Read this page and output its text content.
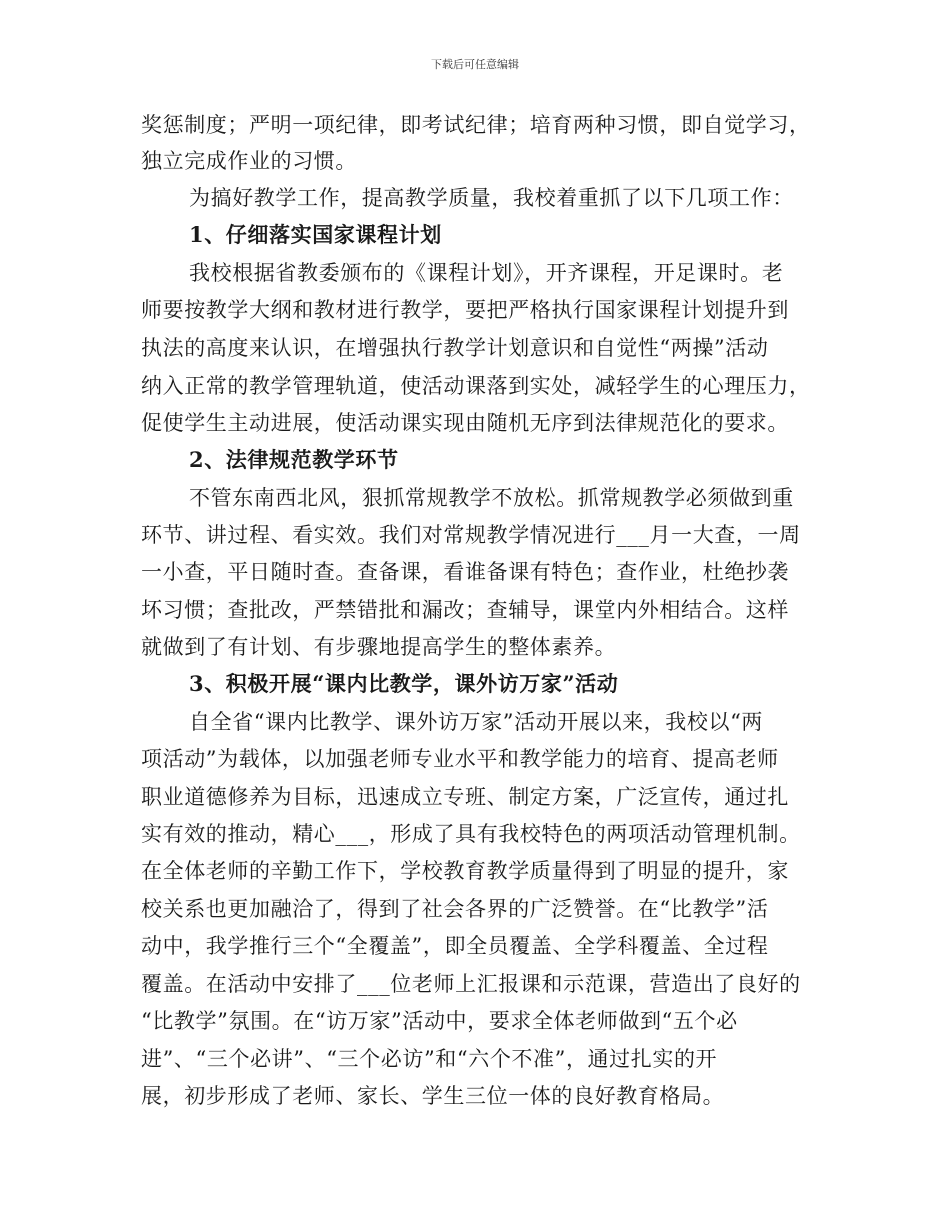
下载后可任意编辑
奖惩制度；严明一项纪律，即考试纪律；培育两种习惯，即自觉学习，
独立完成作业的习惯。
为搞好教学工作，提高教学质量，我校着重抓了以下几项工作：
1、仔细落实国家课程计划
我校根据省教委颁布的《课程计划》，开齐课程，开足课时。老
师要按教学大纲和教材进行教学，要把严格执行国家课程计划提升到
执法的高度来认识，在增强执行教学计划意识和自觉性“两操”活动
纳入正常的教学管理轨道，使活动课落到实处，减轻学生的心理压力，
促使学生主动进展，使活动课实现由随机无序到法律规范化的要求。
2、法律规范教学环节
不管东南西北风，狠抓常规教学不放松。抓常规教学必须做到重
环节、讲过程、看实效。我们对常规教学情况进行___月一大查，一周
一小查，平日随时查。查备课，看谁备课有特色；查作业，杜绝抄袭
坏习惯；查批改，严禁错批和漏改；查辅导，课堂内外相结合。这样
就做到了有计划、有步骤地提高学生的整体素养。
3、积极开展“课内比教学，课外访万家”活动
自全省“课内比教学、课外访万家”活动开展以来，我校以“两
项活动”为载体，以加强老师专业水平和教学能力的培育、提高老师
职业道德修养为目标，迅速成立专班、制定方案，广泛宣传，通过扎
实有效的推动，精心___，形成了具有我校特色的两项活动管理机制。
在全体老师的辛勤工作下，学校教育教学质量得到了明显的提升，家
校关系也更加融洽了，得到了社会各界的广泛赞誉。在“比教学”活
动中，我学推行三个“全覆盖”，即全员覆盖、全学科覆盖、全过程
覆盖。在活动中安排了___位老师上汇报课和示范课，营造出了良好的
“比教学”氛围。在“访万家”活动中，要求全体老师做到“五个必
进”、“三个必讲”、“三个必访”和“六个不准”，通过扎实的开
展，初步形成了老师、家长、学生三位一体的良好教育格局。
